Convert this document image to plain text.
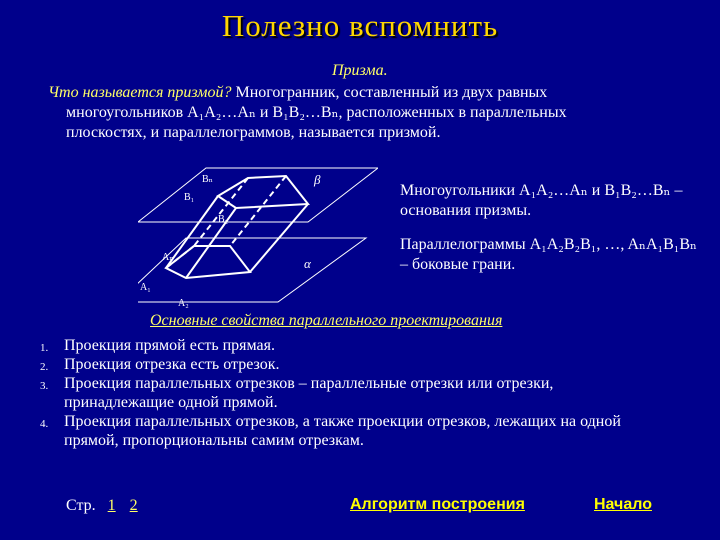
Полезно вспомнить
Призма.
Что называется призмой? Многогранник, составленный из двух равных
многоугольников A₁A₂…Aₙ и B₁B₂…Bₙ, расположенных в параллельных
плоскостях, и параллелограммов, называется призмой.
Bₙ
B₁
B₂
β
Aₙ	α
A₁
A₂
Многоугольники A₁A₂…Aₙ и B₁B₂…Bₙ – основания призмы.
Параллелограммы A₁A₂B₂B₁, …, AₙA₁B₁Bₙ – боковые грани.
Основные свойства параллельного проектирования
1. Проекция прямой есть прямая.
2. Проекция отрезка есть отрезок.
3. Проекция параллельных отрезков – параллельные отрезки или отрезки, принадлежащие одной прямой.
4. Проекция параллельных отрезков, а также проекции отрезков, лежащих на одной прямой, пропорциональны самим отрезкам.
Стр. 1 2	Алгоритм построения	Начало
